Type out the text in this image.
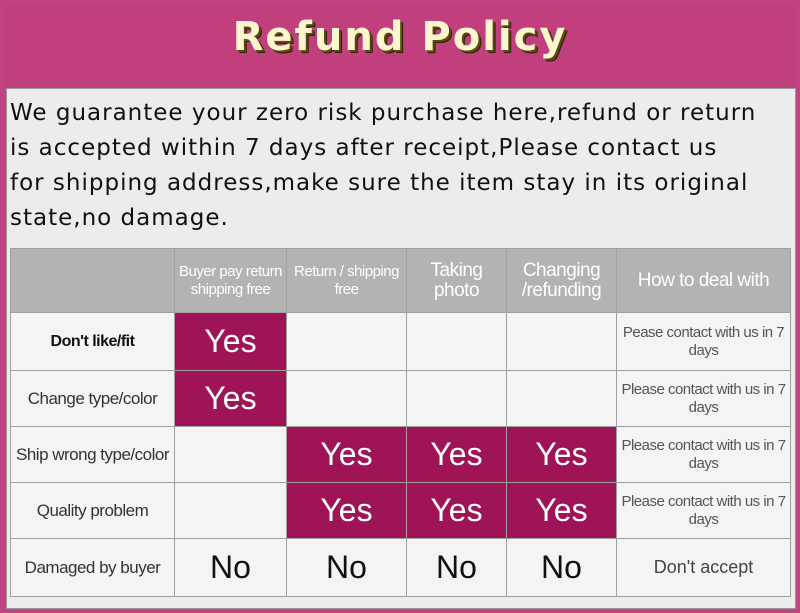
Refund Policy

We guarantee your zero risk purchase here,refund or return
is accepted within 7 days after receipt,Please contact us
for shipping address,make sure the item stay in its original
state,no damage.

	Buyer pay return shipping free	Return / shipping free	Taking photo	Changing /refunding	How to deal with
Don't like/fit	Yes				Pease contact with us in 7 days
Change type/color	Yes				Please contact with us in 7 days
Ship wrong type/color		Yes	Yes	Yes	Please contact with us in 7 days
Quality problem		Yes	Yes	Yes	Please contact with us in 7 days
Damaged by buyer	No	No	No	No	Don't accept
